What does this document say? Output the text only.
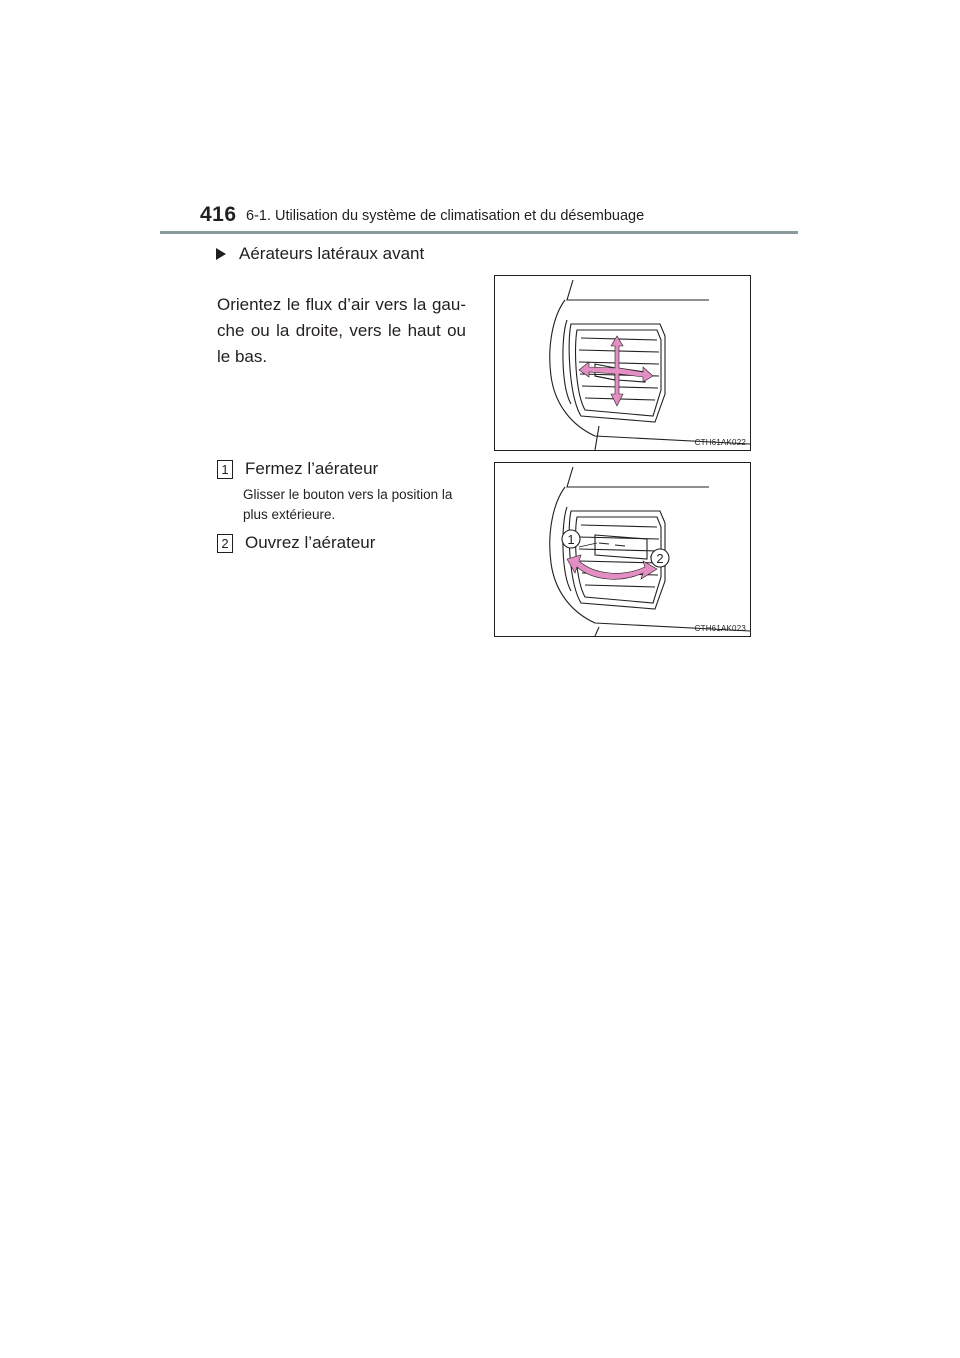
416 6-1. Utilisation du système de climatisation et du désembuage
Aérateurs latéraux avant
Orientez le flux d’air vers la gau-che ou la droite, vers le haut ou le bas.
1 Fermez l’aérateur
Glisser le bouton vers la position la plus extérieure.
2 Ouvrez l’aérateur
CTH61AK022
1
2
CTH61AK023
